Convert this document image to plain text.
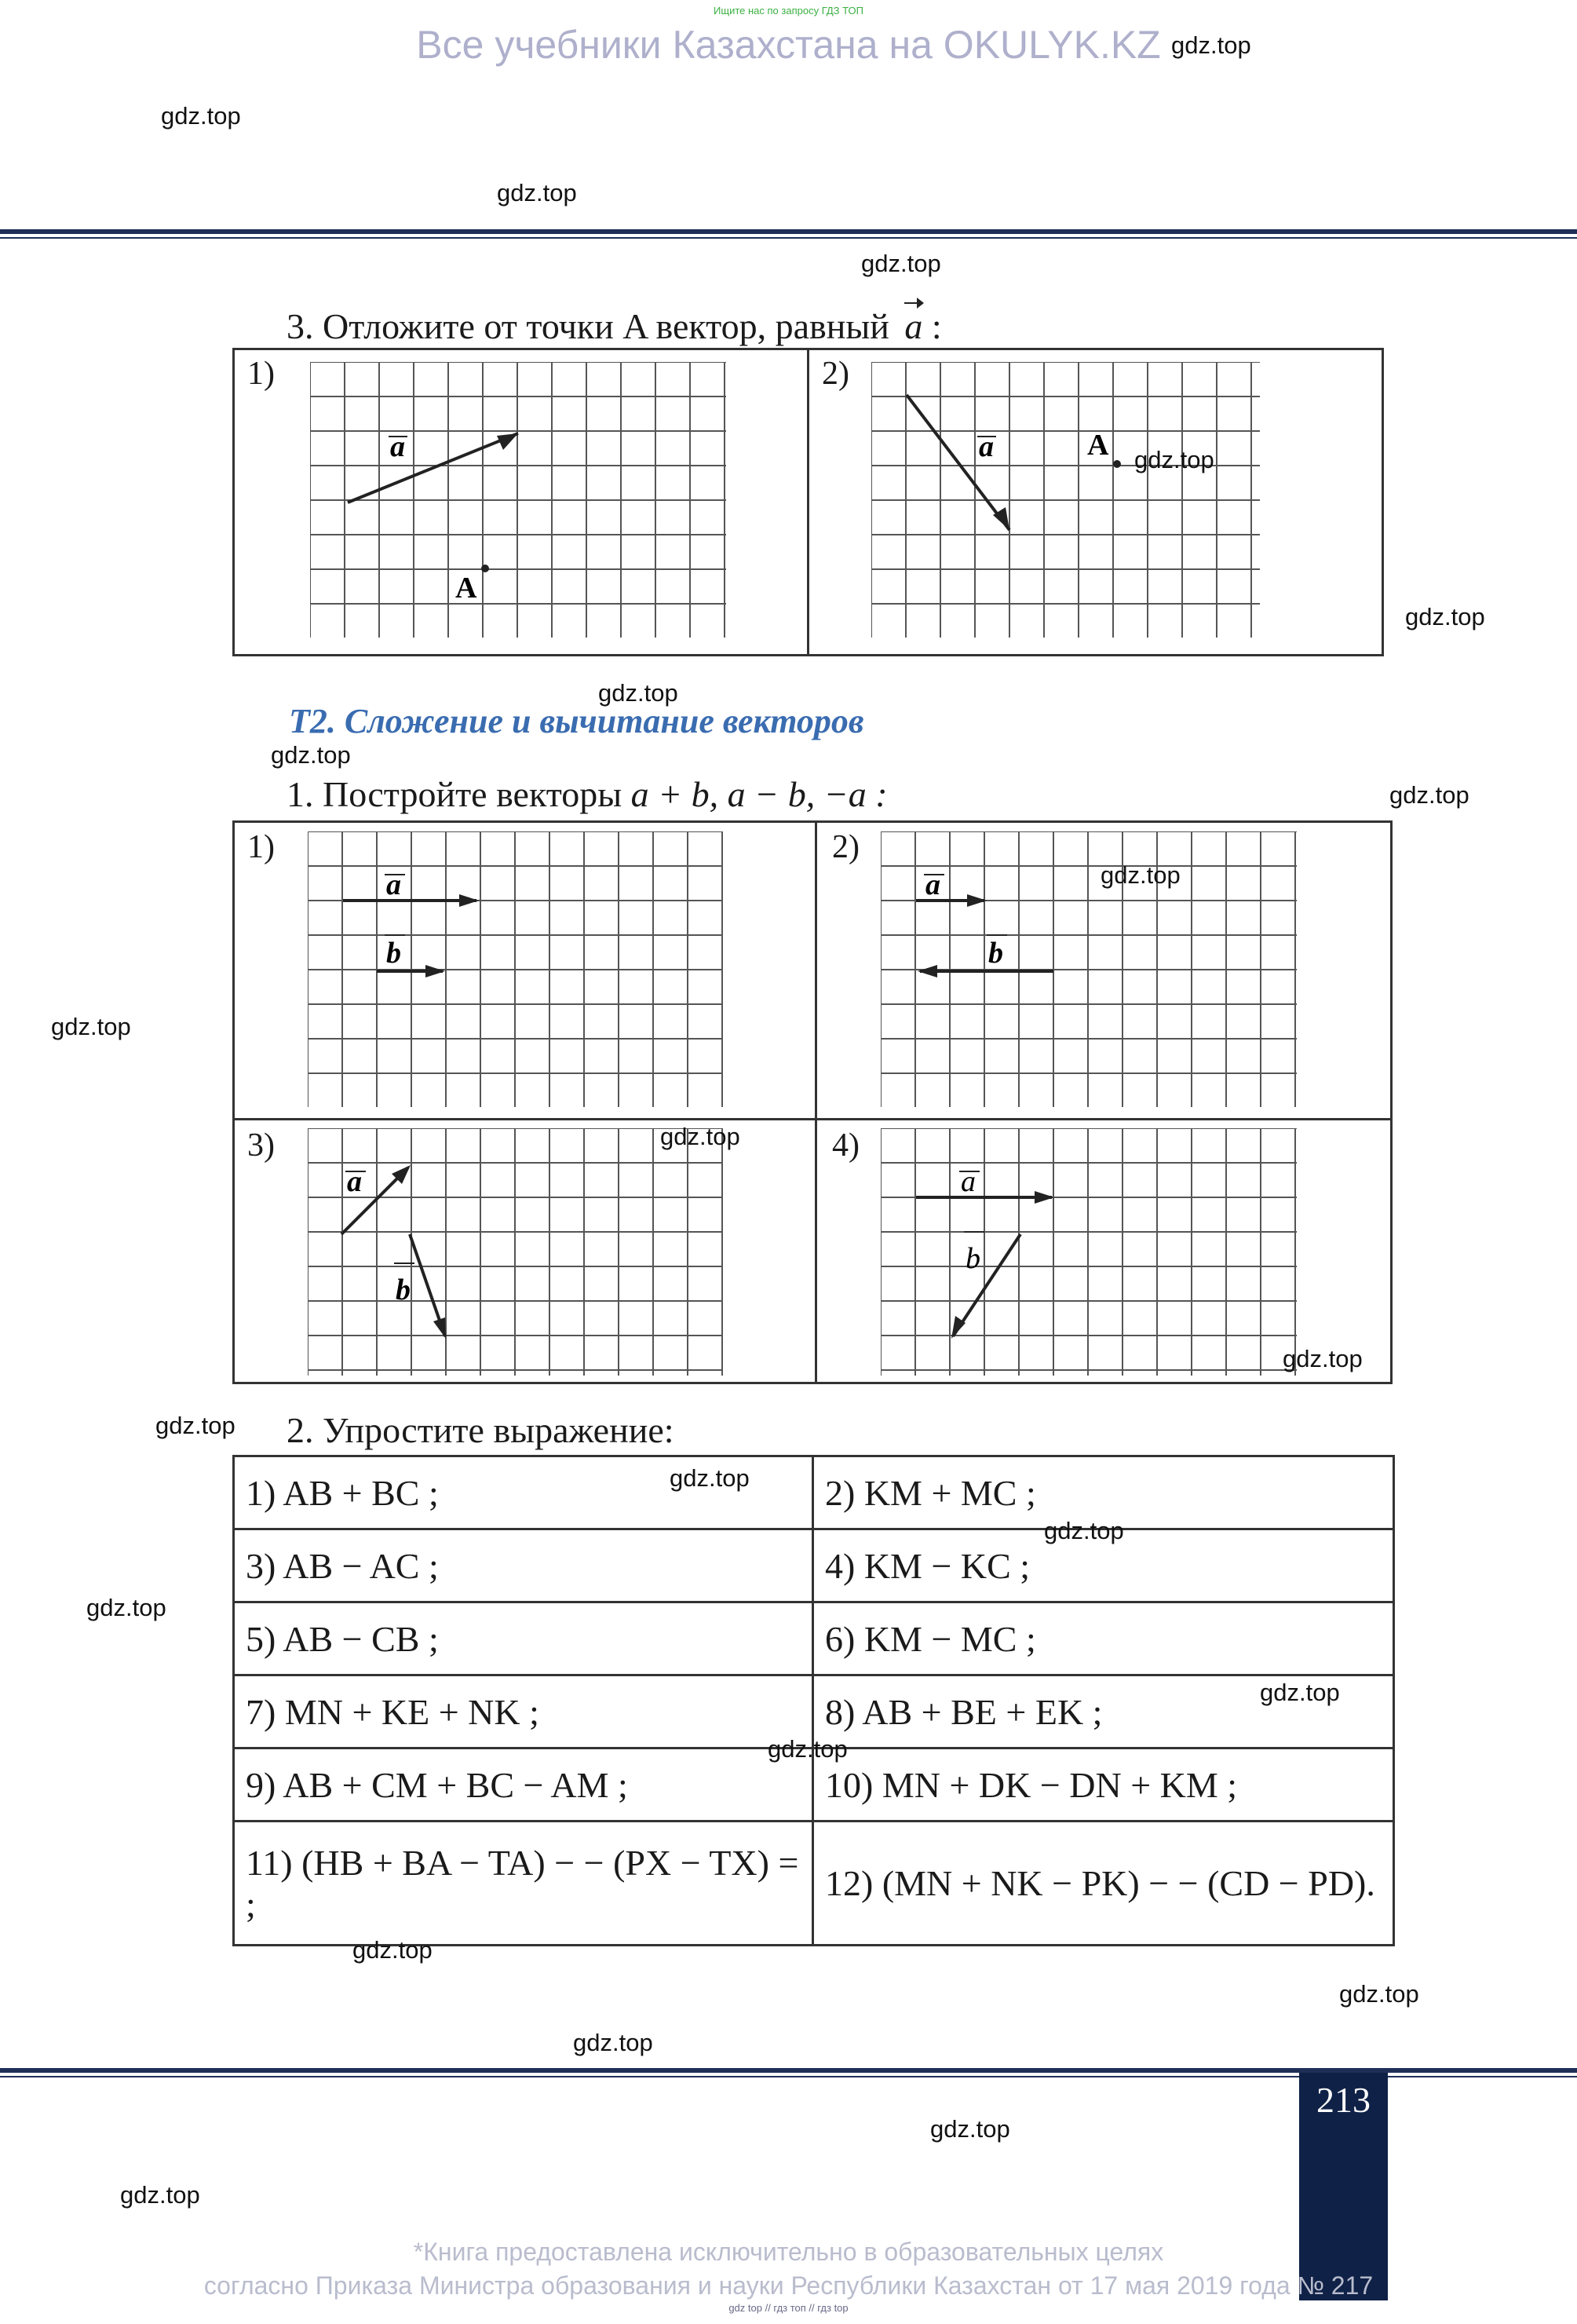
Ищите нас по запросу ГДЗ ТОП
Все учебники Казахстана на OKULYK.KZ
3. Отложите от точки A вектор, равный a :
1)	2)
a
A
a	A
Т2. Сложение и вычитание векторов
1. Постройте векторы a + b, a − b, −a :
1)	2)
3)	4)
a
b
a
b
a
b
a
b
2. Упростите выражение:
1) AB + BC ;	2) KM + MC ;
3) AB − AC ;	4) KM − KC ;
5) AB − CB ;	6) KM − MC ;
7) MN + KE + NK ;	8) AB + BE + EK ;
9) AB + CM + BC − AM ;	10) MN + DK − DN + KM ;
11) (HB + BA − TA) − − (PX − TX) = ;	12) (MN + NK − PK) − − (CD − PD).
213
*Книга предоставлена исключительно в образовательных целях
согласно Приказа Министра образования и науки Республики Казахстан от 17 мая 2019 года № 217
gdz top // гдз топ // гдз top
gdz.top
gdz.top
gdz.top
gdz.top
gdz.top
gdz.top
gdz.top
gdz.top
gdz.top
gdz.top
gdz.top
gdz.top
gdz.top
gdz.top
gdz.top
gdz.top
gdz.top
gdz.top
gdz.top
gdz.top
gdz.top
gdz.top
gdz.top
gdz.top
